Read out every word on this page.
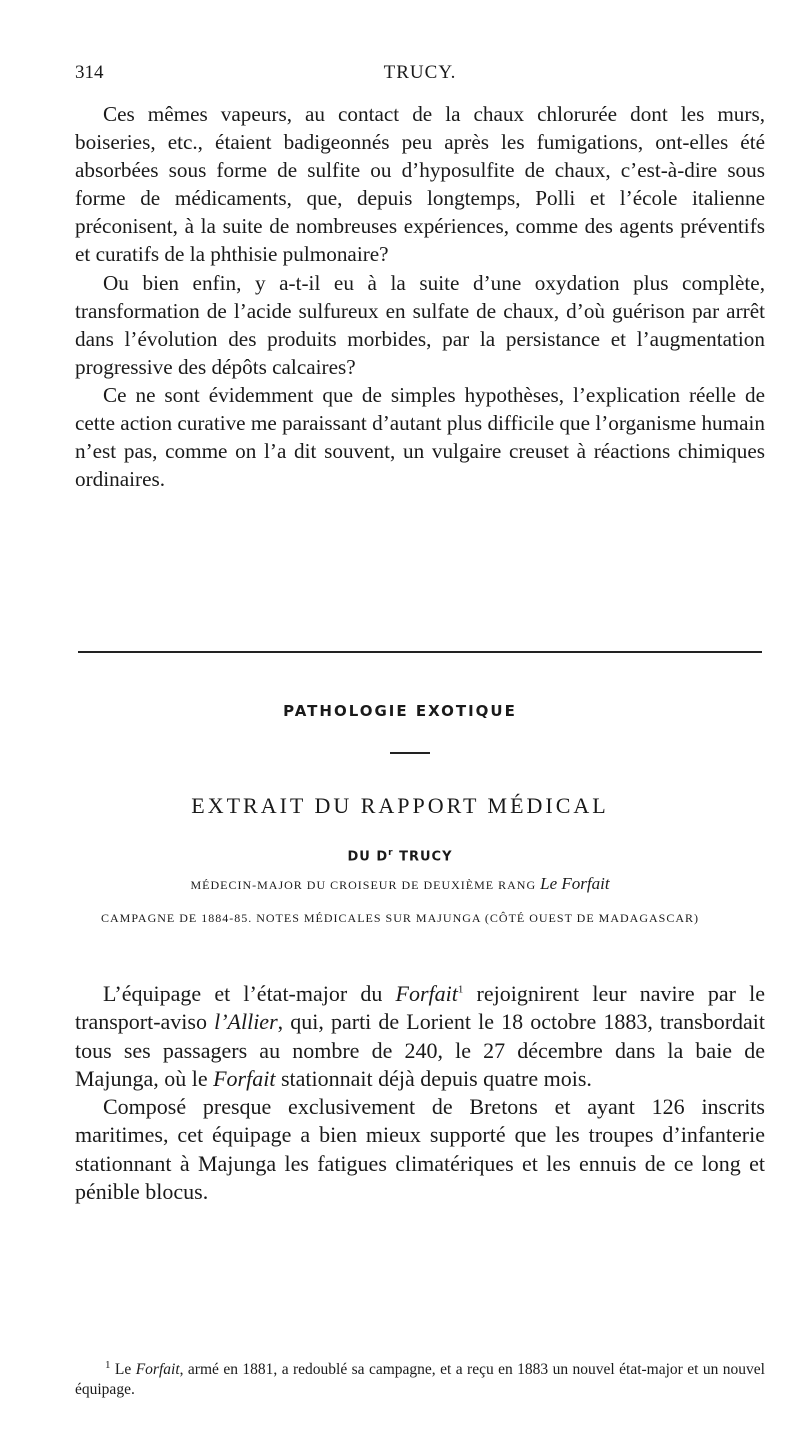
314	TRUCY.

Ces mêmes vapeurs, au contact de la chaux chlorurée dont les murs, boiseries, etc., étaient badigeonnés peu après les fumigations, ont-elles été absorbées sous forme de sulfite ou d’hyposulfite de chaux, c’est-à-dire sous forme de médicaments, que, depuis longtemps, Polli et l’école italienne préconisent, à la suite de nombreuses expériences, comme des agents préventifs et curatifs de la phthisie pulmonaire?

Ou bien enfin, y a-t-il eu à la suite d’une oxydation plus complète, transformation de l’acide sulfureux en sulfate de chaux, d’où guérison par arrêt dans l’évolution des produits morbides, par la persistance et l’augmentation progressive des dépôts calcaires?

Ce ne sont évidemment que de simples hypothèses, l’explication réelle de cette action curative me paraissant d’autant plus difficile que l’organisme humain n’est pas, comme on l’a dit souvent, un vulgaire creuset à réactions chimiques ordinaires.

PATHOLOGIE EXOTIQUE
EXTRAIT DU RAPPORT MÉDICAL
DU $D^r$ TRUCY
MÉDECIN-MAJOR DU CROISEUR DE DEUXIÈME RANG Le Forfait
CAMPAGNE DE 1884-85. NOTES MÉDICALES SUR MAJUNGA (CÔTÉ OUEST DE MADAGASCAR)

L’équipage et l’état-major du Forfait$^1$ rejoignirent leur navire par le transport-aviso l’Allier, qui, parti de Lorient le 18 octobre 1883, transbordait tous ses passagers au nombre de 240, le 27 décembre dans la baie de Majunga, où le Forfait stationnait déjà depuis quatre mois.

Composé presque exclusivement de Bretons et ayant 126 inscrits maritimes, cet équipage a bien mieux supporté que les troupes d’infanterie stationnant à Majunga les fatigues climatériques et les ennuis de ce long et pénible blocus.

$^1$ Le Forfait, armé en 1881, a redoublé sa campagne, et a reçu en 1883 un nouvel état-major et un nouvel équipage.
